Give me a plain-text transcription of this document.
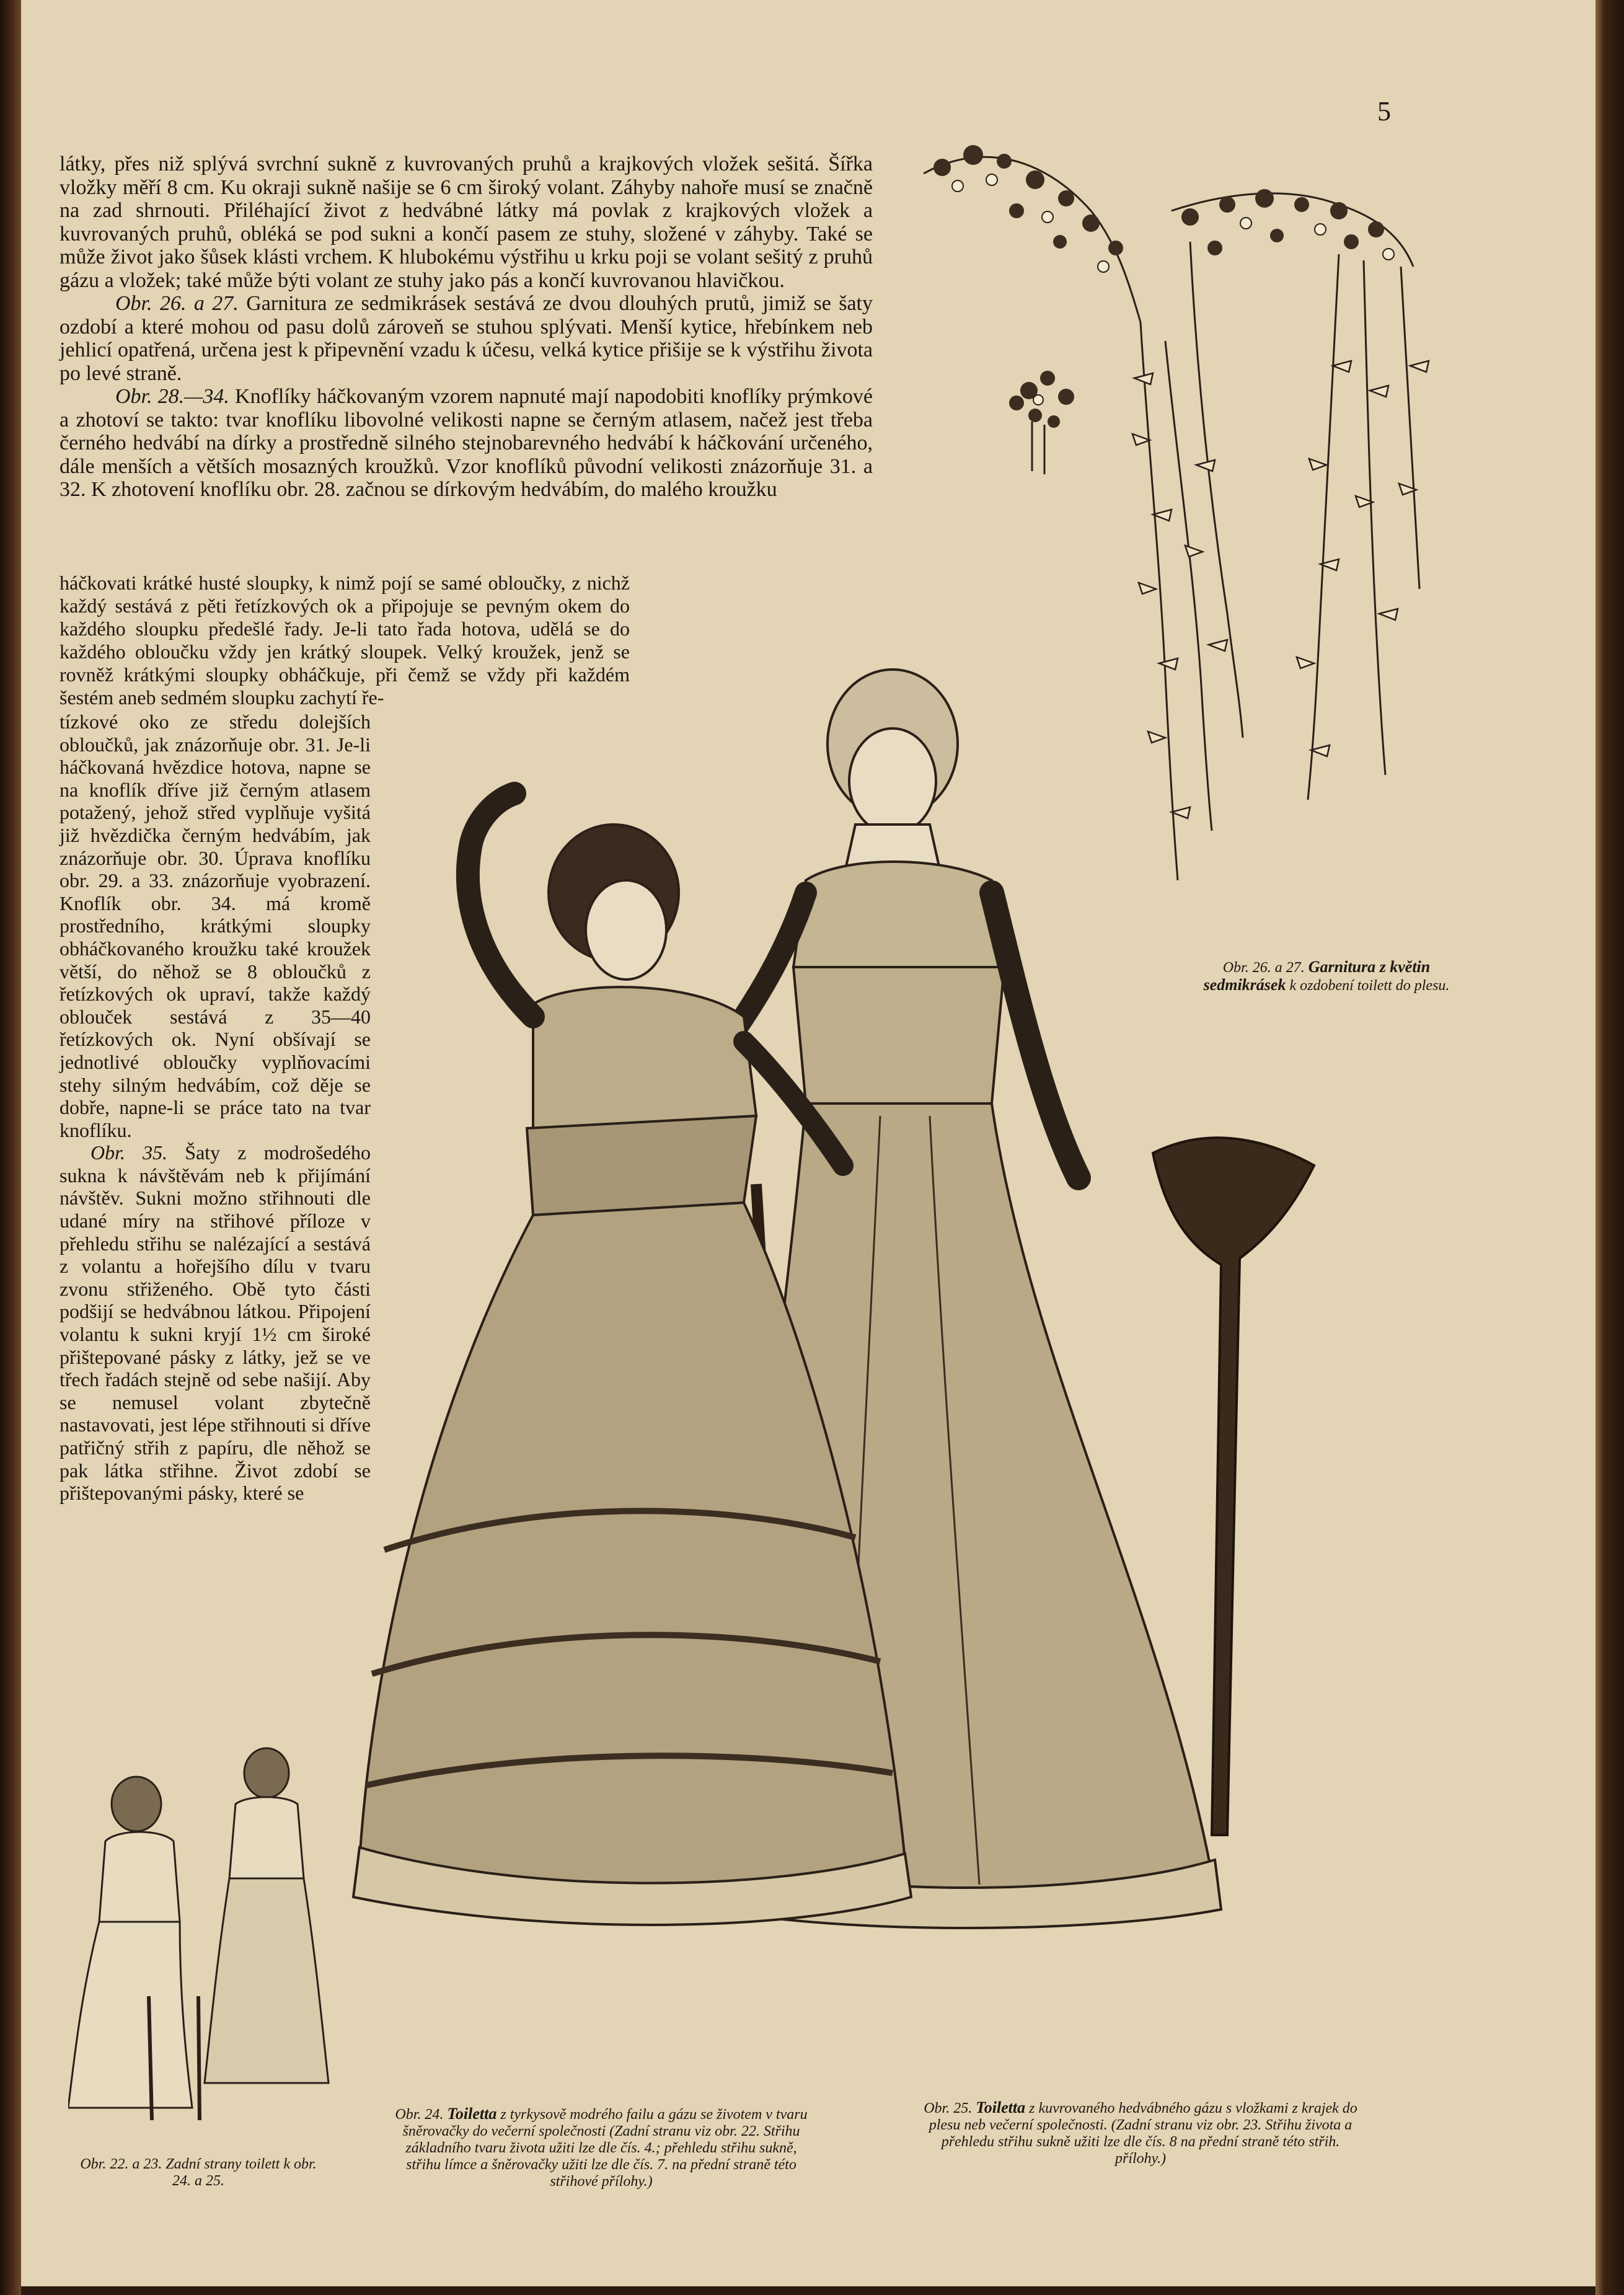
5
látky, přes niž splývá svrchní sukně z kuvrovaných pruhů a krajkových vložek sešitá. Šířka vložky měří 8 cm. Ku okraji sukně našije se 6 cm široký volant. Záhyby nahoře musí se značně na zad shrnouti. Přiléhající život z hedvábné látky má povlak z krajkových vložek a kuvrovaných pruhů, obléká se pod sukni a končí pasem ze stuhy, složené v záhyby. Také se může život jako šůsek klásti vrchem. K hlubokému výstřihu u krku poji se volant sešitý z pruhů gázu a vložek; také může býti volant ze stuhy jako pás a končí kuvrovanou hlavičkou.

Obr. 26. a 27. Garnitura ze sedmikrásek sestává ze dvou dlouhých prutů, jimiž se šaty ozdobí a které mohou od pasu dolů zároveň se stuhou splývati. Menší kytice, hřebínkem neb jehlicí opatřená, určena jest k připevnění vzadu k účesu, velká kytice přišije se k výstřihu života po levé straně.

Obr. 28.—34. Knoflíky háčkovaným vzorem napnuté mají napodobiti knoflíky prýmkové a zhotoví se takto: tvar knoflíku libovolné velikosti napne se černým atlasem, načež jest třeba černého hedvábí na dírky a prostředně silného stejnobarevného hedvábí k háčkování určeného, dále menších a větších mosazných kroužků. Vzor knoflíků původní velikosti znázorňuje 31. a 32. K zhotovení knoflíku obr. 28. začnou se dírkovým hedvábím, do malého kroužku

háčkovati krátké husté sloupky, k nimž pojí se samé obloučky, z nichž každý sestává z pěti řetízkových ok a připojuje se pevným okem do každého sloupku předešlé řady. Je-li tato řada hotova, udělá se do každého obloučku vždy jen krátký sloupek. Velký kroužek, jenž se rovněž krátkými sloupky obháčkuje, při čemž se vždy při každém šestém aneb sedmém sloupku zachytí ře-
tízkové oko ze středu dolejších obloučků, jak znázorňuje obr. 31. Je-li háčkovaná hvězdice hotova, napne se na knoflík dříve již černým atlasem potažený, jehož střed vyplňuje vyšitá již hvězdička černým hedvábím, jak znázorňuje obr. 30. Úprava knoflíku obr. 29. a 33. znázorňuje vyobrazení. Knoflík obr. 34. má kromě prostředního, krátkými sloupky obháčkovaného kroužku také kroužek větší, do něhož se 8 obloučků z řetízkových ok upraví, takže každý oblouček sestává z 35—40 řetízkových ok. Nyní obšívají se jednotlivé obloučky vyplňovacími stehy silným hedvábím, což děje se dobře, napne-li se práce tato na tvar knoflíku.

Obr. 35. Šaty z modrošedého sukna k návštěvám neb k přijímání návštěv. Sukni možno střihnouti dle udané míry na střihové příloze v přehledu střihu se nalézající a sestává z volantu a hořejšího dílu v tvaru zvonu střiženého. Obě tyto části podšijí se hedvábnou látkou. Připojení volantu k sukni kryjí 1½ cm široké přištepované pásky z látky, jež se ve třech řadách stejně od sebe našijí. Aby se nemusel volant zbytečně nastavovati, jest lépe střihnouti si dříve patřičný střih z papíru, dle něhož se pak látka střihne. Život zdobí se přištepovanými pásky, které se

Obr. 26. a 27. Garnitura z květin sedmikrásek k ozdobení toilett do plesu.
Obr. 22. a 23. Zadní strany toilett k obr. 24. a 25.
Obr. 24. Toiletta z tyrkysově modrého failu a gázu se životem v tvaru šněrovačky do večerní společnosti (Zadní stranu viz obr. 22. Střihu základního tvaru života užiti lze dle čís. 4.; přehledu střihu sukně, střihu límce a šněrovačky užiti lze dle čís. 7. na přední straně této střihové přílohy.)
Obr. 25. Toiletta z kuvrovaného hedvábného gázu s vložkami z krajek do plesu neb večerní společnosti. (Zadní stranu viz obr. 23. Střihu života a přehledu střihu sukně užiti lze dle čís. 8 na přední straně této střih. přílohy.)
